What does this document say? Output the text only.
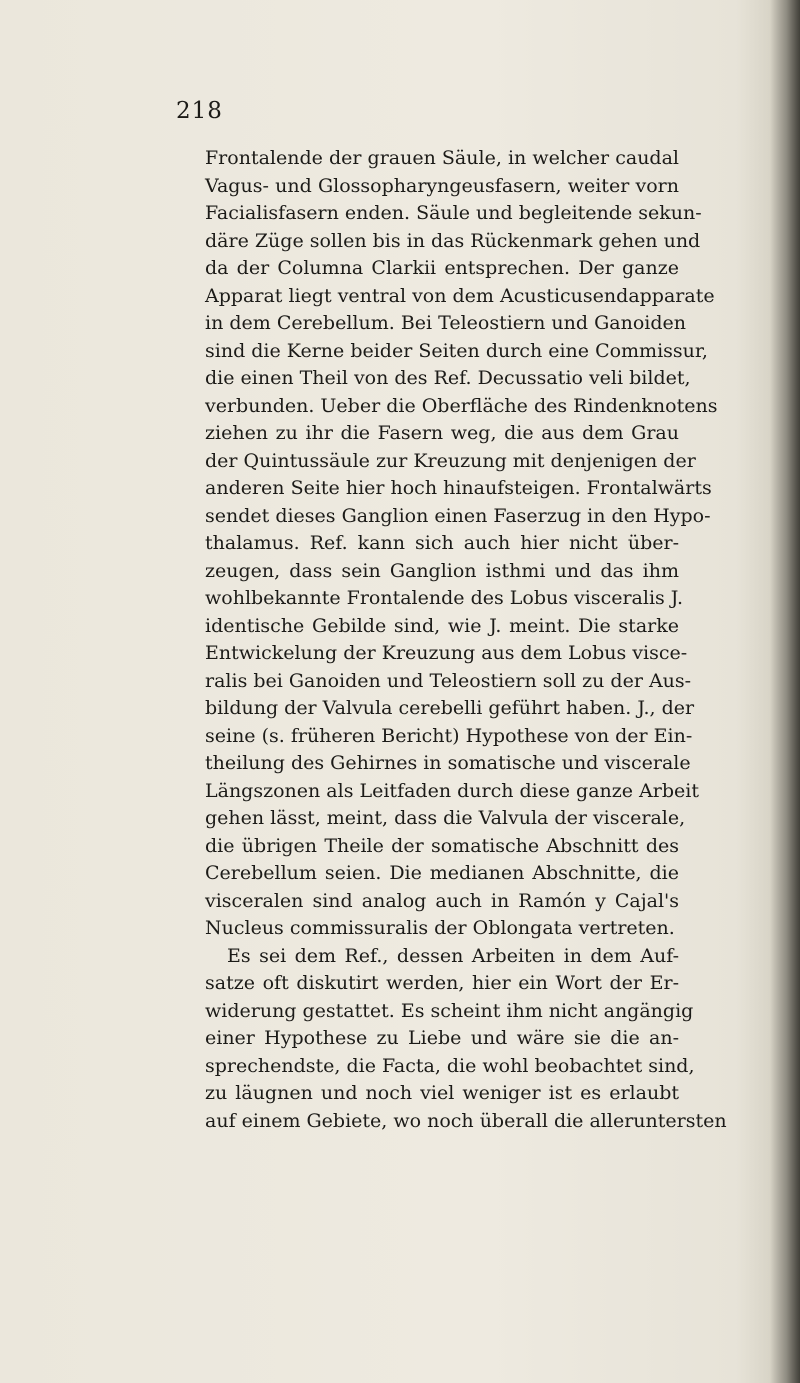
218
Frontalende der grauen Säule, in welcher caudal
Vagus- und Glossopharyngeusfasern, weiter vorn
Facialisfasern enden. Säule und begleitende sekun-
däre Züge sollen bis in das Rückenmark gehen und
da der Columna Clarkii entsprechen. Der ganze
Apparat liegt ventral von dem Acusticusendapparate
in dem Cerebellum. Bei Teleostiern und Ganoiden
sind die Kerne beider Seiten durch eine Commissur,
die einen Theil von des Ref. Decussatio veli bildet,
verbunden. Ueber die Oberfläche des Rindenknotens
ziehen zu ihr die Fasern weg, die aus dem Grau
der Quintussäule zur Kreuzung mit denjenigen der
anderen Seite hier hoch hinaufsteigen. Frontalwärts
sendet dieses Ganglion einen Faserzug in den Hypo-
thalamus. Ref. kann sich auch hier nicht über-
zeugen, dass sein Ganglion isthmi und das ihm
wohlbekannte Frontalende des Lobus visceralis J.
identische Gebilde sind, wie J. meint. Die starke
Entwickelung der Kreuzung aus dem Lobus visce-
ralis bei Ganoiden und Teleostiern soll zu der Aus-
bildung der Valvula cerebelli geführt haben. J., der
seine (s. früheren Bericht) Hypothese von der Ein-
theilung des Gehirnes in somatische und viscerale
Längszonen als Leitfaden durch diese ganze Arbeit
gehen lässt, meint, dass die Valvula der viscerale,
die übrigen Theile der somatische Abschnitt des
Cerebellum seien. Die medianen Abschnitte, die
visceralen sind analog auch in Ramón y Cajal's
Nucleus commissuralis der Oblongata vertreten.
Es sei dem Ref., dessen Arbeiten in dem Auf-
satze oft diskutirt werden, hier ein Wort der Er-
widerung gestattet. Es scheint ihm nicht angängig
einer Hypothese zu Liebe und wäre sie die an-
sprechendste, die Facta, die wohl beobachtet sind,
zu läugnen und noch viel weniger ist es erlaubt
auf einem Gebiete, wo noch überall die alleruntersten
